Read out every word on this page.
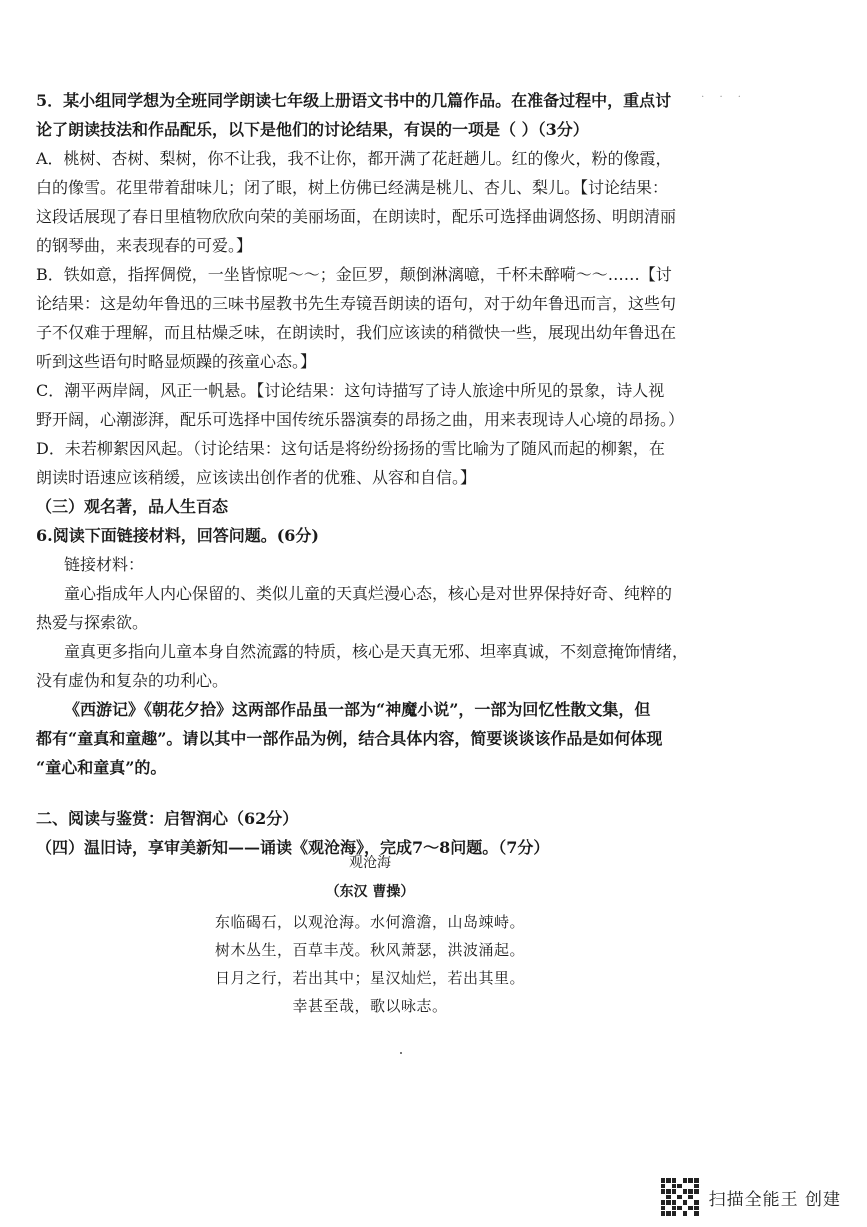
· · ·
5．某小组同学想为全班同学朗读七年级上册语文书中的几篇作品。在准备过程中，重点讨
论了朗读技法和作品配乐，以下是他们的讨论结果，有误的一项是（ ）（3分）
A．桃树、杏树、梨树，你不让我，我不让你，都开满了花赶趟儿。红的像火，粉的像霞，
白的像雪。花里带着甜味儿；闭了眼，树上仿佛已经满是桃儿、杏儿、梨儿。【讨论结果：
这段话展现了春日里植物欣欣向荣的美丽场面，在朗读时，配乐可选择曲调悠扬、明朗清丽
的钢琴曲，来表现春的可爱。】
B．铁如意，指挥倜傥，一坐皆惊呢～～；金叵罗，颠倒淋漓噫，千杯未醉嗬～～……【讨
论结果：这是幼年鲁迅的三味书屋教书先生寿镜吾朗读的语句，对于幼年鲁迅而言，这些句
子不仅难于理解，而且枯燥乏味，在朗读时，我们应该读的稍微快一些，展现出幼年鲁迅在
听到这些语句时略显烦躁的孩童心态。】
C．潮平两岸阔，风正一帆悬。【讨论结果：这句诗描写了诗人旅途中所见的景象，诗人视
野开阔，心潮澎湃，配乐可选择中国传统乐器演奏的昂扬之曲，用来表现诗人心境的昂扬。）
D．未若柳絮因风起。（讨论结果：这句话是将纷纷扬扬的雪比喻为了随风而起的柳絮，在
朗读时语速应该稍缓，应该读出创作者的优雅、从容和自信。】
（三）观名著，品人生百态
6.阅读下面链接材料，回答问题。(6分)
链接材料：
童心指成年人内心保留的、类似儿童的天真烂漫心态，核心是对世界保持好奇、纯粹的
热爱与探索欲。
童真更多指向儿童本身自然流露的特质，核心是天真无邪、坦率真诚，不刻意掩饰情绪，
没有虚伪和复杂的功利心。
《西游记》《朝花夕拾》这两部作品虽一部为“神魔小说”，一部为回忆性散文集，但
都有“童真和童趣”。请以其中一部作品为例，结合具体内容，简要谈谈该作品是如何体现
“童心和童真”的。
二、阅读与鉴赏：启智润心（62分）
（四）温旧诗，享审美新知——诵读《观沧海》，完成7～8问题。（7分）
观沧海
（东汉 曹操）
东临碣石，以观沧海。水何澹澹，山岛竦峙。
树木丛生，百草丰茂。秋风萧瑟，洪波涌起。
日月之行，若出其中；星汉灿烂，若出其里。
幸甚至哉，歌以咏志。
扫描全能王 创建
